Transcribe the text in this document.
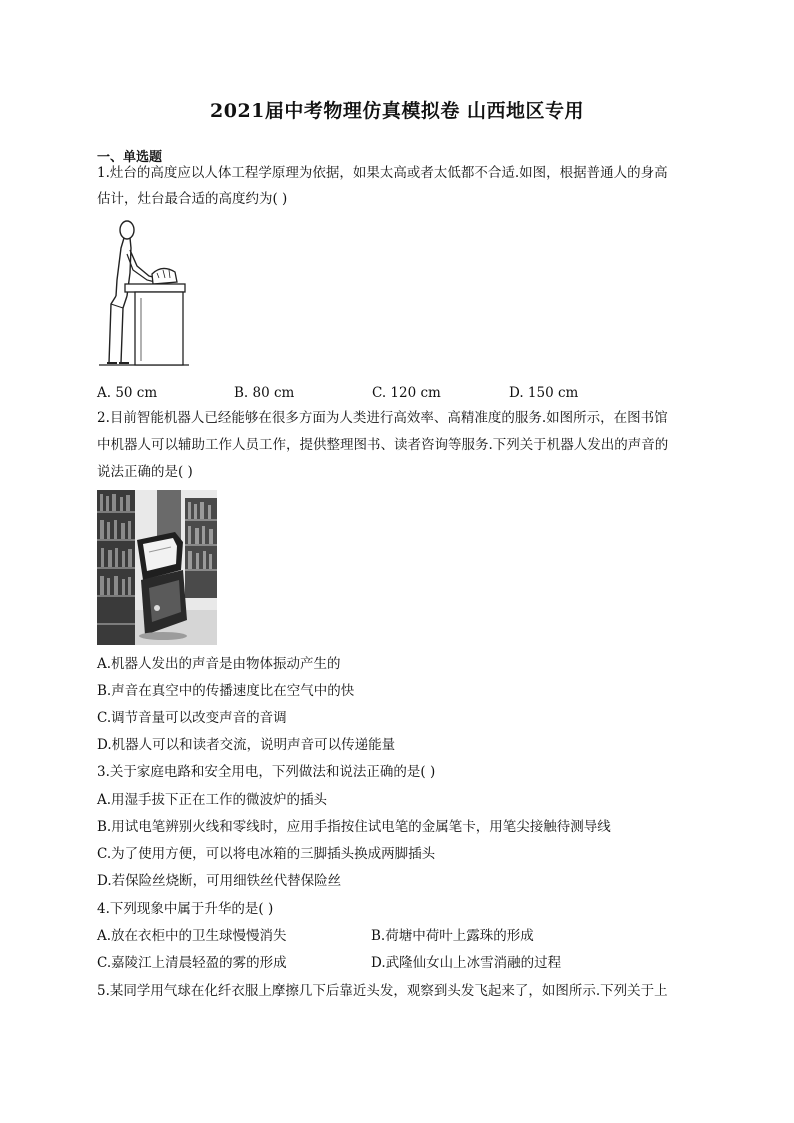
2021届中考物理仿真模拟卷 山西地区专用
一、单选题
1.灶台的高度应以人体工程学原理为依据，如果太高或者太低都不合适.如图，根据普通人的身高
估计，灶台最合适的高度约为( )
A. 50 cm	B. 80 cm	C. 120 cm	D. 150 cm
2.目前智能机器人已经能够在很多方面为人类进行高效率、高精准度的服务.如图所示，在图书馆
中机器人可以辅助工作人员工作，提供整理图书、读者咨询等服务.下列关于机器人发出的声音的
说法正确的是( )
A.机器人发出的声音是由物体振动产生的
B.声音在真空中的传播速度比在空气中的快
C.调节音量可以改变声音的音调
D.机器人可以和读者交流，说明声音可以传递能量
3.关于家庭电路和安全用电，下列做法和说法正确的是( )
A.用湿手拔下正在工作的微波炉的插头
B.用试电笔辨别火线和零线时，应用手指按住试电笔的金属笔卡，用笔尖接触待测导线
C.为了使用方便，可以将电冰箱的三脚插头换成两脚插头
D.若保险丝烧断，可用细铁丝代替保险丝
4.下列现象中属于升华的是( )
A.放在衣柜中的卫生球慢慢消失	B.荷塘中荷叶上露珠的形成
C.嘉陵江上清晨轻盈的雾的形成	D.武隆仙女山上冰雪消融的过程
5.某同学用气球在化纤衣服上摩擦几下后靠近头发，观察到头发飞起来了，如图所示.下列关于上
